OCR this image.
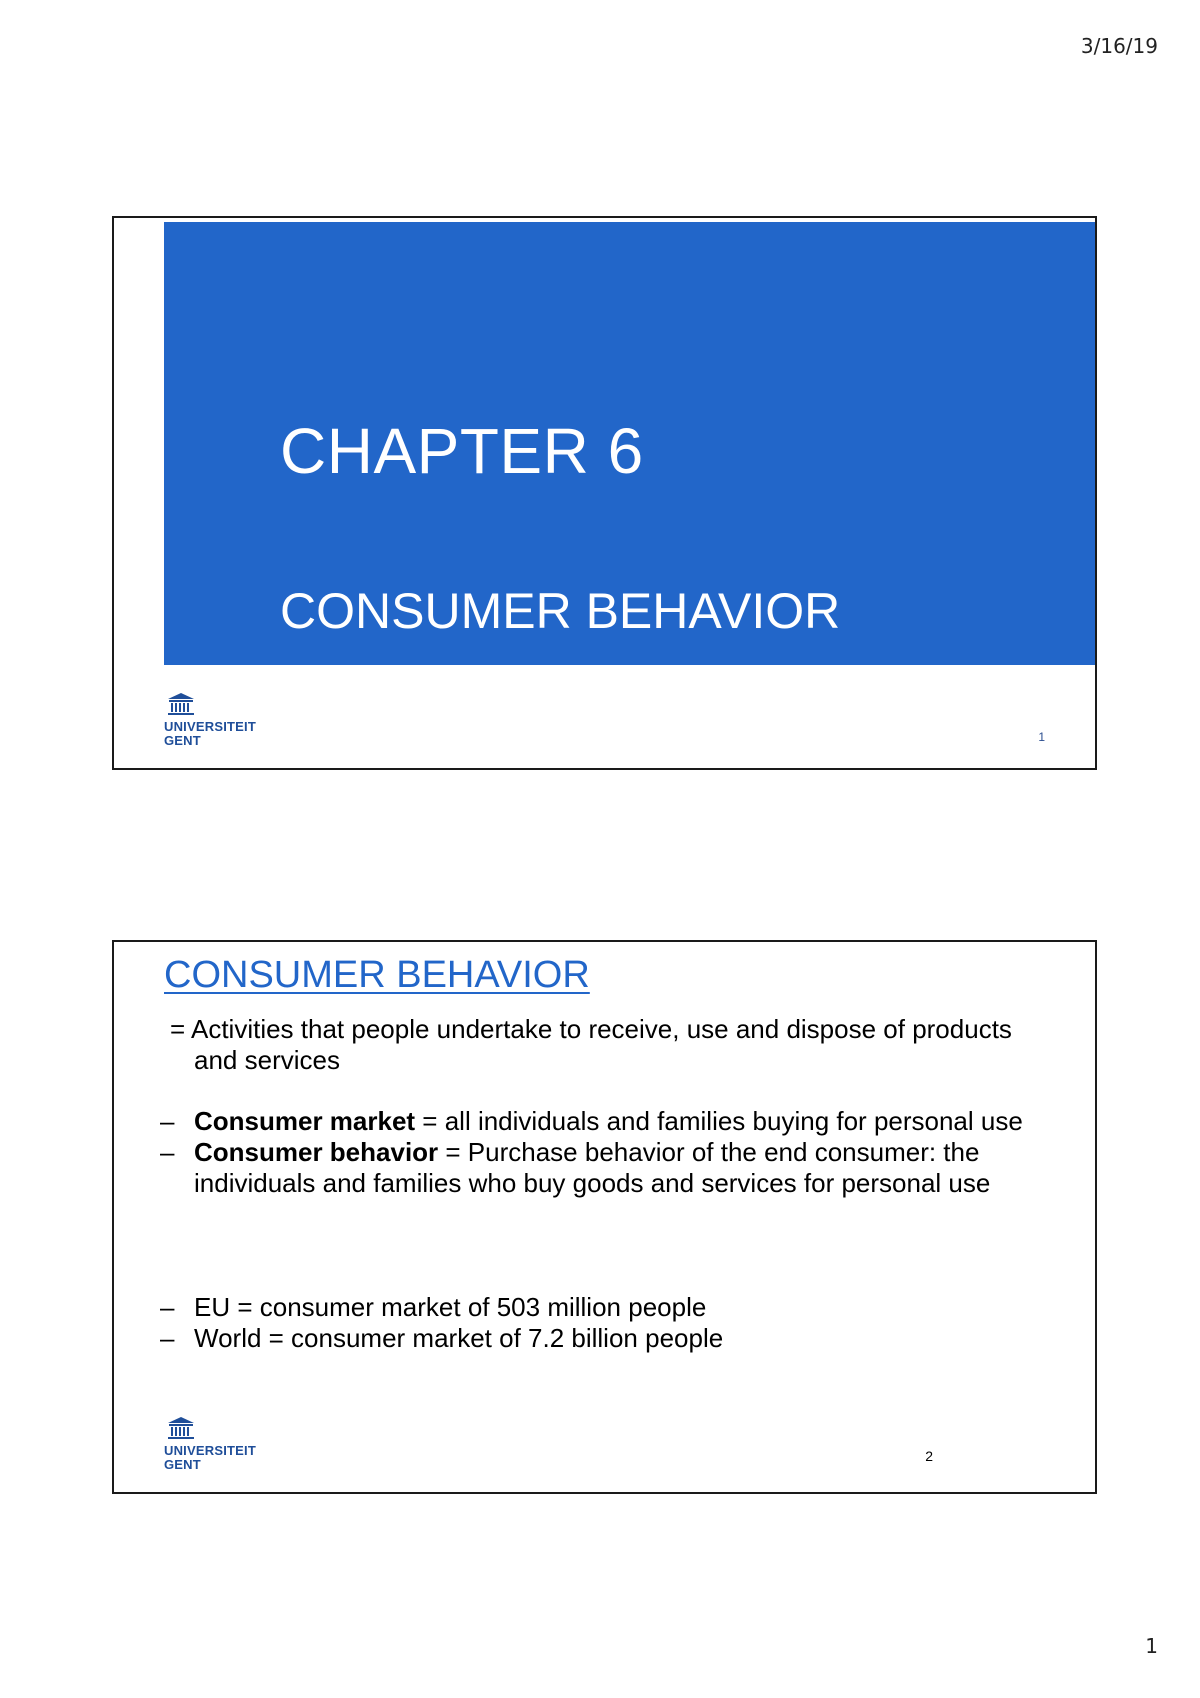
3/16/19
CHAPTER 6
CONSUMER BEHAVIOR
UNIVERSITEIT
GENT	1
CONSUMER BEHAVIOR
= Activities that people undertake to receive, use and dispose of products and services
– Consumer market = all individuals and families buying for personal use
– Consumer behavior = Purchase behavior of the end consumer: the individuals and families who buy goods and services for personal use
– EU = consumer market of 503 million people
– World = consumer market of 7.2 billion people
UNIVERSITEIT
GENT
2
1
